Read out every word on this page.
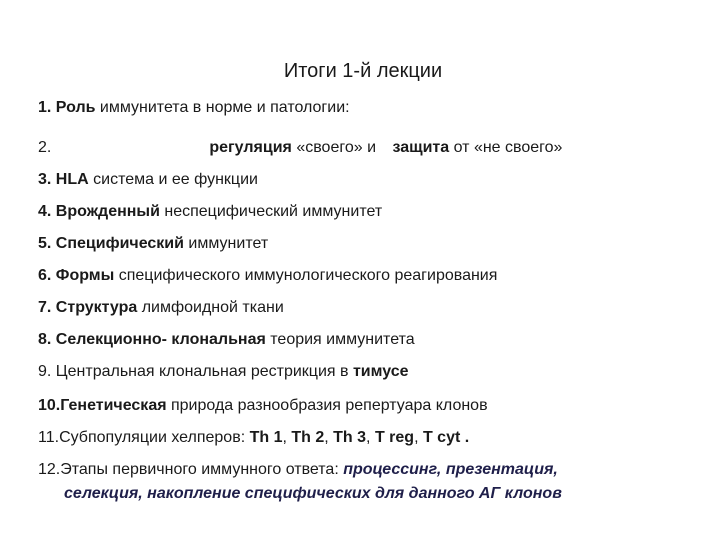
Итоги 1-й лекции
1. Роль иммунитета в норме и патологии:
2.	регуляция «своего» и защита от «не своего»
3. HLA система и ее функции
4. Врожденный неспецифический иммунитет
5. Специфический иммунитет
6. Формы специфического иммунологического реагирования
7. Структура лимфоидной ткани
8. Селекционно- клональная теория иммунитета
9. Центральная клональная рестрикция в тимусе
10.Генетическая природа разнообразия репертуара клонов
11.Субпопуляции хелперов: Th 1, Th 2, Th 3, T reg, T cyt .
12.Этапы первичного иммунного ответа: процессинг, презентация,
селекция, накопление специфических для данного АГ клонов
